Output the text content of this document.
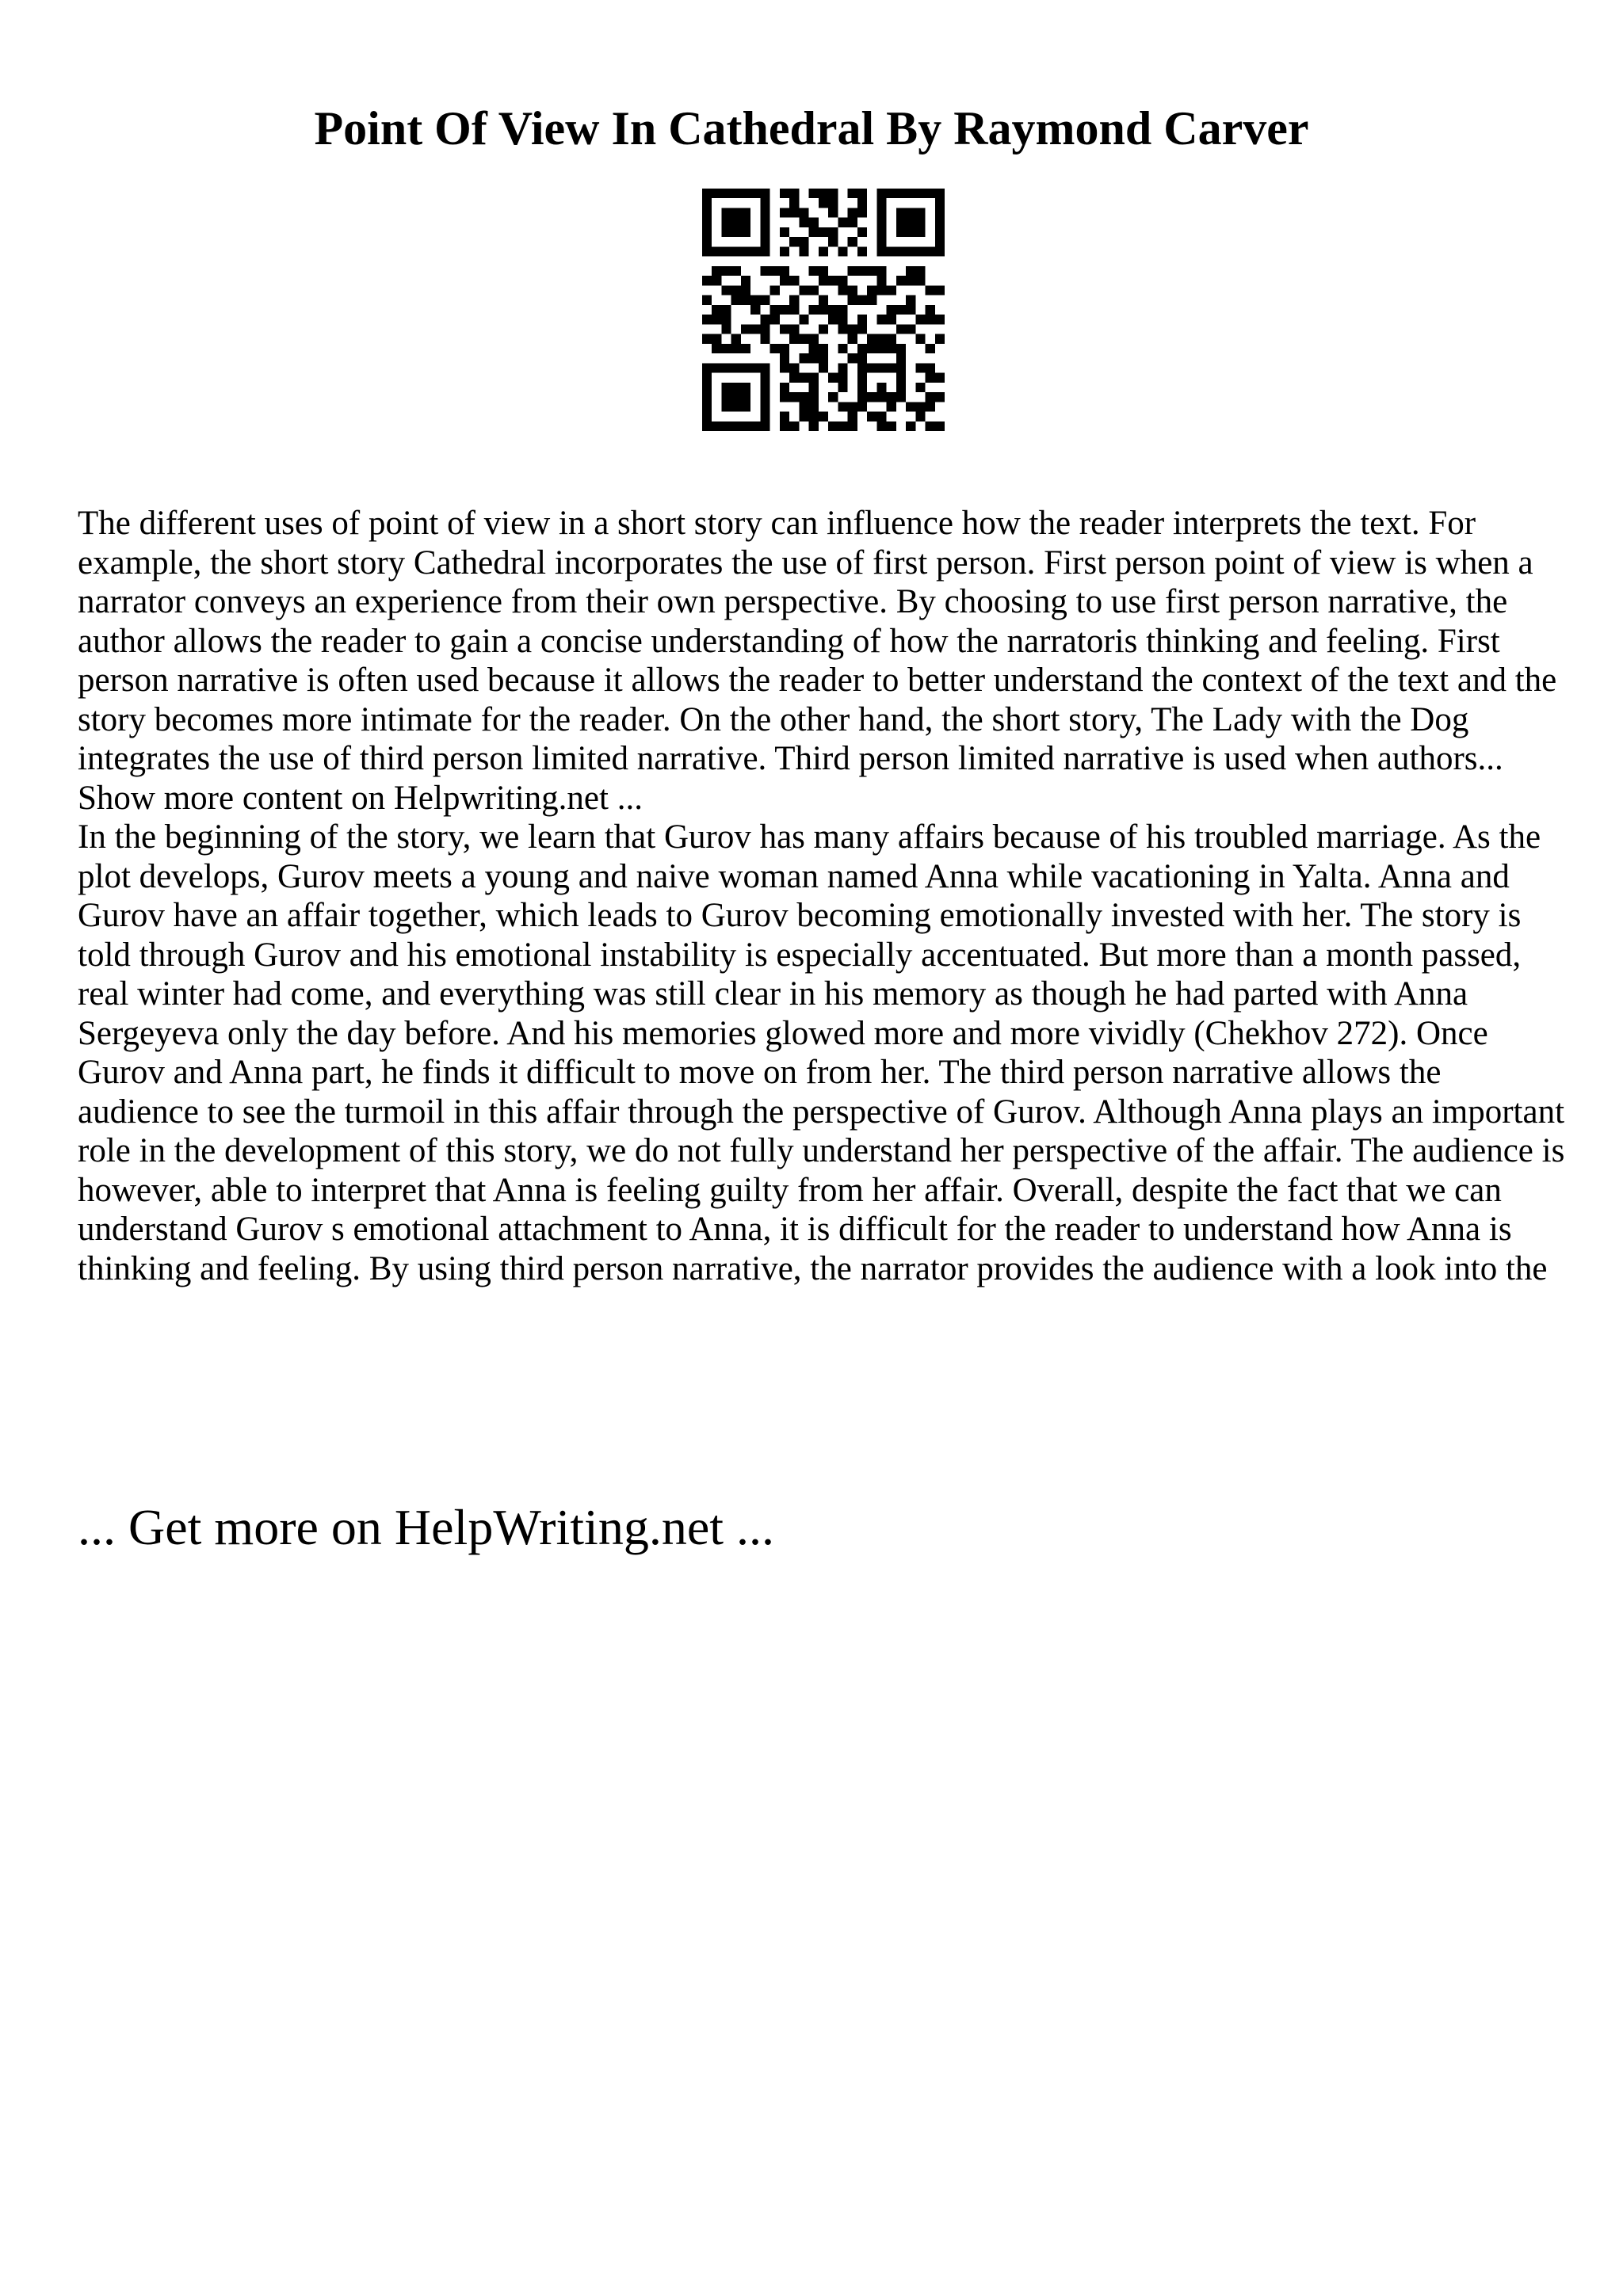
Point Of View In Cathedral By Raymond Carver

The different uses of point of view in a short story can influence how the reader interprets the text. For example, the short story Cathedral incorporates the use of first person. First person point of view is when a narrator conveys an experience from their own perspective. By choosing to use first person narrative, the author allows the reader to gain a concise understanding of how the narratoris thinking and feeling. First person narrative is often used because it allows the reader to better understand the context of the text and the story becomes more intimate for the reader. On the other hand, the short story, The Lady with the Dog integrates the use of third person limited narrative. Third person limited narrative is used when authors... Show more content on Helpwriting.net ...

In the beginning of the story, we learn that Gurov has many affairs because of his troubled marriage. As the plot develops, Gurov meets a young and naive woman named Anna while vacationing in Yalta. Anna and Gurov have an affair together, which leads to Gurov becoming emotionally invested with her. The story is told through Gurov and his emotional instability is especially accentuated. But more than a month passed, real winter had come, and everything was still clear in his memory as though he had parted with Anna Sergeyeva only the day before. And his memories glowed more and more vividly (Chekhov 272). Once Gurov and Anna part, he finds it difficult to move on from her. The third person narrative allows the audience to see the turmoil in this affair through the perspective of Gurov. Although Anna plays an important role in the development of this story, we do not fully understand her perspective of the affair. The audience is however, able to interpret that Anna is feeling guilty from her affair. Overall, despite the fact that we can understand Gurov s emotional attachment to Anna, it is difficult for the reader to understand how Anna is thinking and feeling. By using third person narrative, the narrator provides the audience with a look into the

... Get more on HelpWriting.net ...
